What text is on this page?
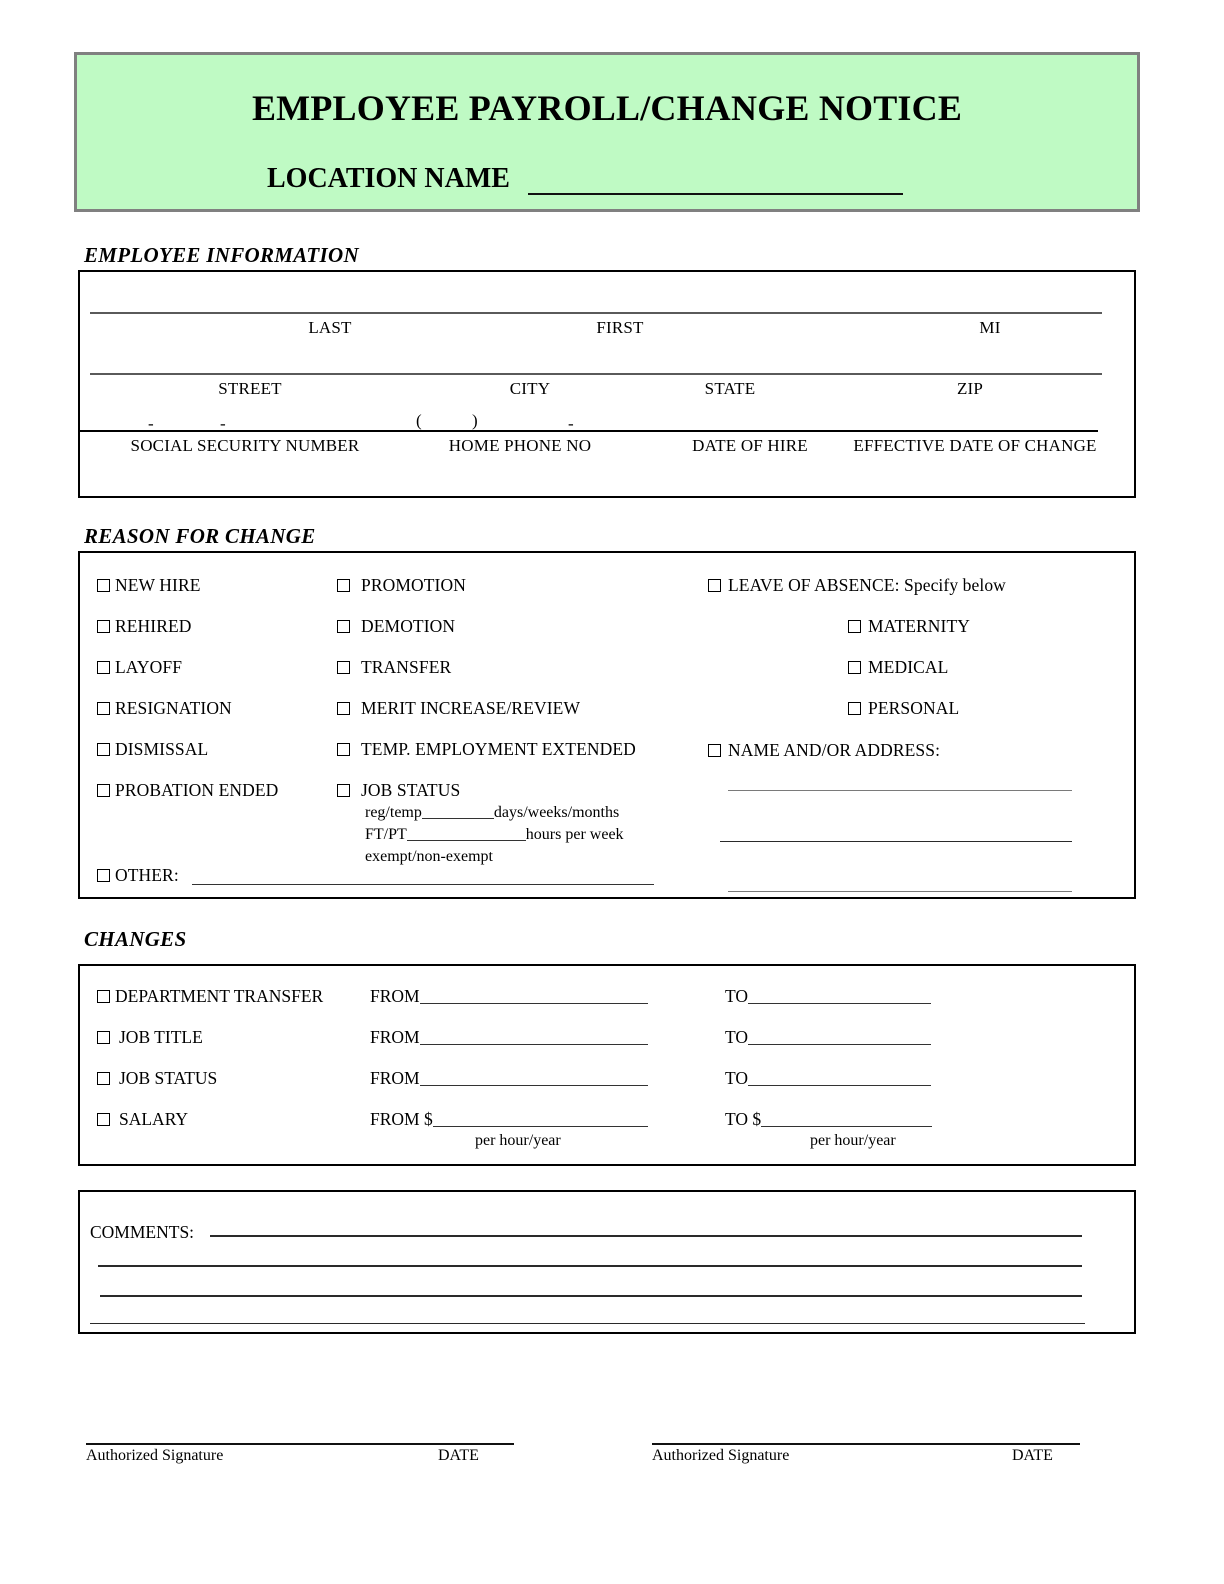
EMPLOYEE PAYROLL/CHANGE NOTICE
LOCATION NAME
EMPLOYEE INFORMATION
LAST	FIRST	MI
STREET	CITY	STATE	ZIP
-	-	(	)	-
SOCIAL SECURITY NUMBER	HOME PHONE NO	DATE OF HIRE	EFFECTIVE DATE OF CHANGE
REASON FOR CHANGE
NEW HIRE
REHIRED
LAYOFF
RESIGNATION
DISMISSAL
PROBATION ENDED
PROMOTION
DEMOTION
TRANSFER
MERIT INCREASE/REVIEW
TEMP. EMPLOYMENT EXTENDED
JOB STATUS
reg/temp	days/weeks/months
FT/PT	hours per week
exempt/non-exempt
OTHER:
LEAVE OF ABSENCE: Specify below
MATERNITY
MEDICAL
PERSONAL
NAME AND/OR ADDRESS:
CHANGES
DEPARTMENT TRANSFER	FROM	TO
JOB TITLE	FROM	TO
JOB STATUS	FROM	TO
SALARY	FROM $	TO $
per hour/year	per hour/year
COMMENTS:
Authorized Signature	DATE	Authorized Signature	DATE
